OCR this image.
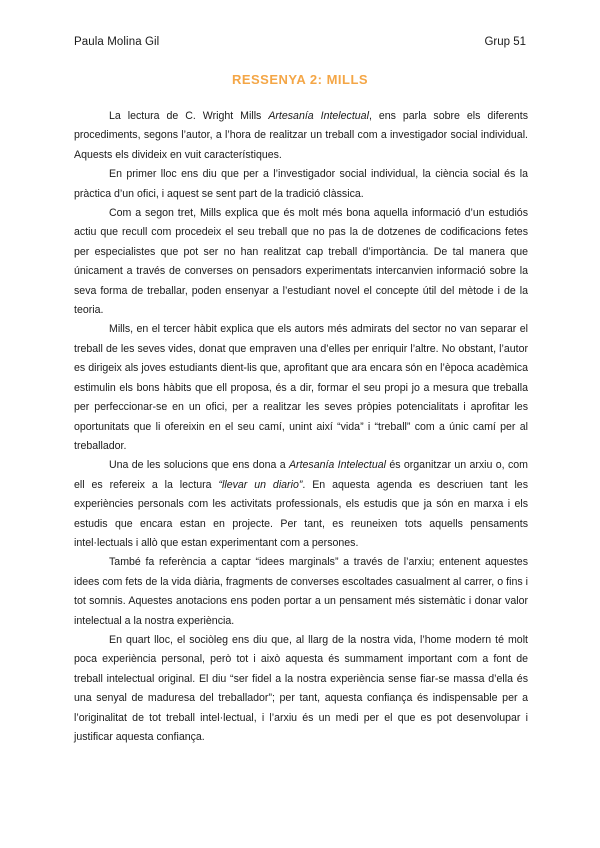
Paula Molina Gil	Grup 51
RESSENYA 2: MILLS

La lectura de C. Wright Mills Artesanía Intelectual, ens parla sobre els diferents procediments, segons l’autor, a l’hora de realitzar un treball com a investigador social individual. Aquests els divideix en vuit característiques.

En primer lloc ens diu que per a l’investigador social individual, la ciència social és la pràctica d’un ofici, i aquest se sent part de la tradició clàssica.

Com a segon tret, Mills explica que és molt més bona aquella informació d’un estudiós actiu que recull com procedeix el seu treball que no pas la de dotzenes de codificacions fetes per especialistes que pot ser no han realitzat cap treball d’importància. De tal manera que únicament a través de converses on pensadors experimentats intercanvien informació sobre la seva forma de treballar, poden ensenyar a l’estudiant novel el concepte útil del mètode i de la teoria.

Mills, en el tercer hàbit explica que els autors més admirats del sector no van separar el treball de les seves vides, donat que empraven una d’elles per enriquir l’altre. No obstant, l’autor es dirigeix als joves estudiants dient-lis que, aprofitant que ara encara són en l’època acadèmica estimulin els bons hàbits que ell proposa, és a dir, formar el seu propi jo a mesura que treballa per perfeccionar-se en un ofici, per a realitzar les seves pròpies potencialitats i aprofitar les oportunitats que li ofereixin en el seu camí, unint així “vida” i “treball” com a únic camí per al treballador.

Una de les solucions que ens dona a Artesanía Intelectual és organitzar un arxiu o, com ell es refereix a la lectura “llevar un diario”. En aquesta agenda es descriuen tant les experiències personals com les activitats professionals, els estudis que ja són en marxa i els estudis que encara estan en projecte. Per tant, es reuneixen tots aquells pensaments intel·lectuals i allò que estan experimentant com a persones.

També fa referència a captar “idees marginals” a través de l’arxiu; entenent aquestes idees com fets de la vida diària, fragments de converses escoltades casualment al carrer, o fins i tot somnis. Aquestes anotacions ens poden portar a un pensament més sistemàtic i donar valor intelectual a la nostra experiència.

En quart lloc, el sociòleg ens diu que, al llarg de la nostra vida, l’home modern té molt poca experiència personal, però tot i això aquesta és summament important com a font de treball intelectual original. El diu “ser fidel a la nostra experiència sense fiar-se massa d’ella és una senyal de maduresa del treballador”; per tant, aquesta confiança és indispensable per a l’originalitat de tot treball intel·lectual, i l’arxiu és un medi per el que es pot desenvolupar i justificar aquesta confiança.
